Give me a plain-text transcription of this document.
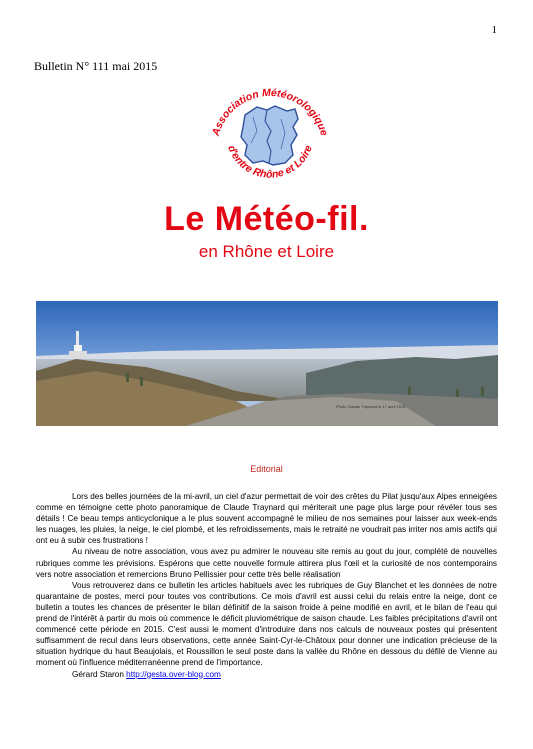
1
Bulletin N° 111 mai 2015
Association Météorologique
d'entre Rhône et Loire
Le Météo-fil.
en Rhône et Loire
Photo Claude Traynard le 17 avril 2015
Editorial

Lors des belles journées de la mi-avril, un ciel d'azur permettait de voir des crêtes du Pilat jusqu'aux Alpes enneigées comme en témoigne cette photo panoramique de Claude Traynard qui mériterait une page plus large pour révéler tous ses détails ! Ce beau temps anticyclonique a le plus souvent accompagné le milieu de nos semaines pour laisser aux week-ends les nuages, les pluies, la neige, le ciel plombé, et les refroidissements, mais le retraité ne voudrait pas irriter nos amis actifs qui ont eu à subir ces frustrations !

Au niveau de notre association, vous avez pu admirer le nouveau site remis au gout du jour, complété de nouvelles rubriques comme les prévisions. Espérons que cette nouvelle formule attirera plus l'œil et la curiosité de nos contemporains vers notre association et remercions Bruno Pellissier pour cette très belle réalisation

Vous retrouverez dans ce bulletin les articles habituels avec les rubriques de Guy Blanchet et les données de notre quarantaine de postes, merci pour toutes vos contributions. Ce mois d'avril est aussi celui du relais entre la neige, dont ce bulletin a toutes les chances de présenter le bilan définitif de la saison froide à peine modifié en avril, et le bilan de l'eau qui prend de l'intérêt à partir du mois où commence le déficit pluviométrique de saison chaude. Les faibles précipitations d'avril ont commencé cette période en 2015. C'est aussi le moment d'introduire dans nos calculs de nouveaux postes qui présentent suffisamment de recul dans leurs observations, cette année Saint-Cyr-le-Châtoux pour donner une indication précieuse de la situation hydrique du haut Beaujolais, et Roussillon le seul poste dans la vallée du Rhône en dessous du défilé de Vienne au moment où l'influence méditerranéenne prend de l'importance.

Gérard Staron http://gesta.over-blog.com
